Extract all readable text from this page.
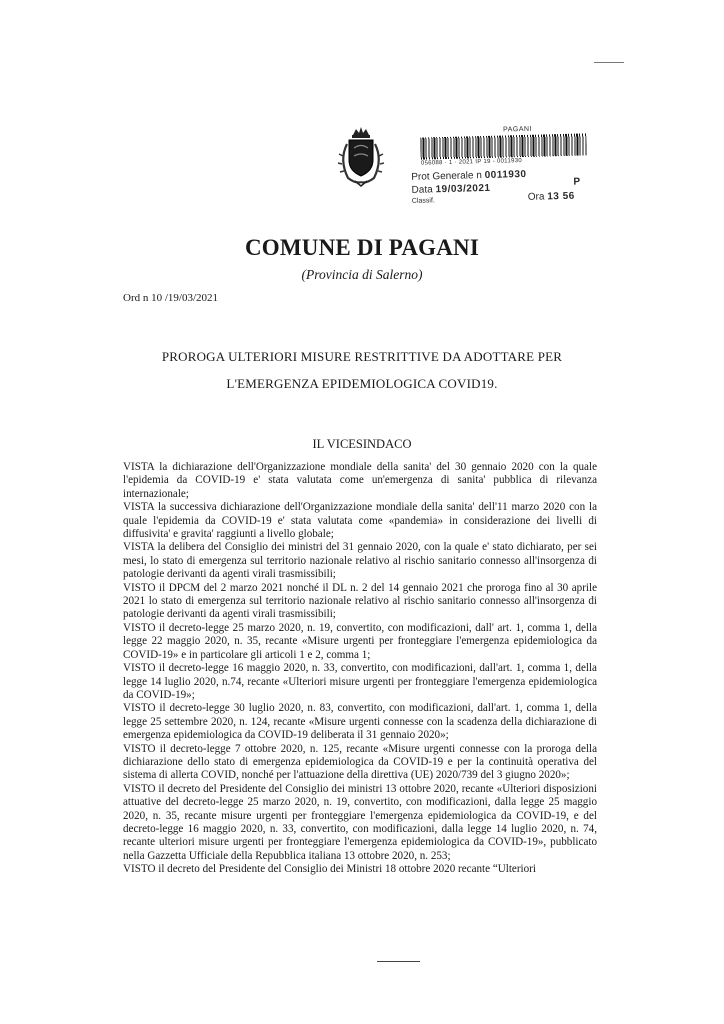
PAGANI
056088 · 1 · 2021 IP 19 - 0011930
Prot Generale n 0011930
Data 19/03/2021
Classif.	Ora 13 56
P
COMUNE DI PAGANI
(Provincia di Salerno)
Ord n 10 /19/03/2021
PROROGA ULTERIORI MISURE RESTRITTIVE DA ADOTTARE PER
L'EMERGENZA EPIDEMIOLOGICA COVID19.
IL VICESINDACO

VISTA la dichiarazione dell'Organizzazione mondiale della sanita' del 30 gennaio 2020 con la quale l'epidemia da COVID-19 e' stata valutata come un'emergenza di sanita' pubblica di rilevanza internazionale;

VISTA la successiva dichiarazione dell'Organizzazione mondiale della sanita' dell'11 marzo 2020 con la quale l'epidemia da COVID-19 e' stata valutata come «pandemia» in considerazione dei livelli di diffusivita' e gravita' raggiunti a livello globale;

VISTA la delibera del Consiglio dei ministri del 31 gennaio 2020, con la quale e' stato dichiarato, per sei mesi, lo stato di emergenza sul territorio nazionale relativo al rischio sanitario connesso all'insorgenza di patologie derivanti da agenti virali trasmissibili;

VISTO il DPCM del 2 marzo 2021 nonché il DL n. 2 del 14 gennaio 2021 che proroga fino al 30 aprile 2021 lo stato di emergenza sul territorio nazionale relativo al rischio sanitario connesso all'insorgenza di patologie derivanti da agenti virali trasmissibili;

VISTO il decreto-legge 25 marzo 2020, n. 19, convertito, con modificazioni, dall' art. 1, comma 1, della legge 22 maggio 2020, n. 35, recante «Misure urgenti per fronteggiare l'emergenza epidemiologica da COVID-19» e in particolare gli articoli 1 e 2, comma 1;

VISTO il decreto-legge 16 maggio 2020, n. 33, convertito, con modificazioni, dall'art. 1, comma 1, della legge 14 luglio 2020, n.74, recante «Ulteriori misure urgenti per fronteggiare l'emergenza epidemiologica da COVID-19»;

VISTO il decreto-legge 30 luglio 2020, n. 83, convertito, con modificazioni, dall'art. 1, comma 1, della legge 25 settembre 2020, n. 124, recante «Misure urgenti connesse con la scadenza della dichiarazione di emergenza epidemiologica da COVID-19 deliberata il 31 gennaio 2020»;

VISTO il decreto-legge 7 ottobre 2020, n. 125, recante «Misure urgenti connesse con la proroga della dichiarazione dello stato di emergenza epidemiologica da COVID-19 e per la continuità operativa del sistema di allerta COVID, nonché per l'attuazione della direttiva (UE) 2020/739 del 3 giugno 2020»;

VISTO il decreto del Presidente del Consiglio dei ministri 13 ottobre 2020, recante «Ulteriori disposizioni attuative del decreto-legge 25 marzo 2020, n. 19, convertito, con modificazioni, dalla legge 25 maggio 2020, n. 35, recante misure urgenti per fronteggiare l'emergenza epidemiologica da COVID-19, e del decreto-legge 16 maggio 2020, n. 33, convertito, con modificazioni, dalla legge 14 luglio 2020, n. 74, recante ulteriori misure urgenti per fronteggiare l'emergenza epidemiologica da COVID-19», pubblicato nella Gazzetta Ufficiale della Repubblica italiana 13 ottobre 2020, n. 253;

VISTO il decreto del Presidente del Consiglio dei Ministri 18 ottobre 2020 recante “Ulteriori
